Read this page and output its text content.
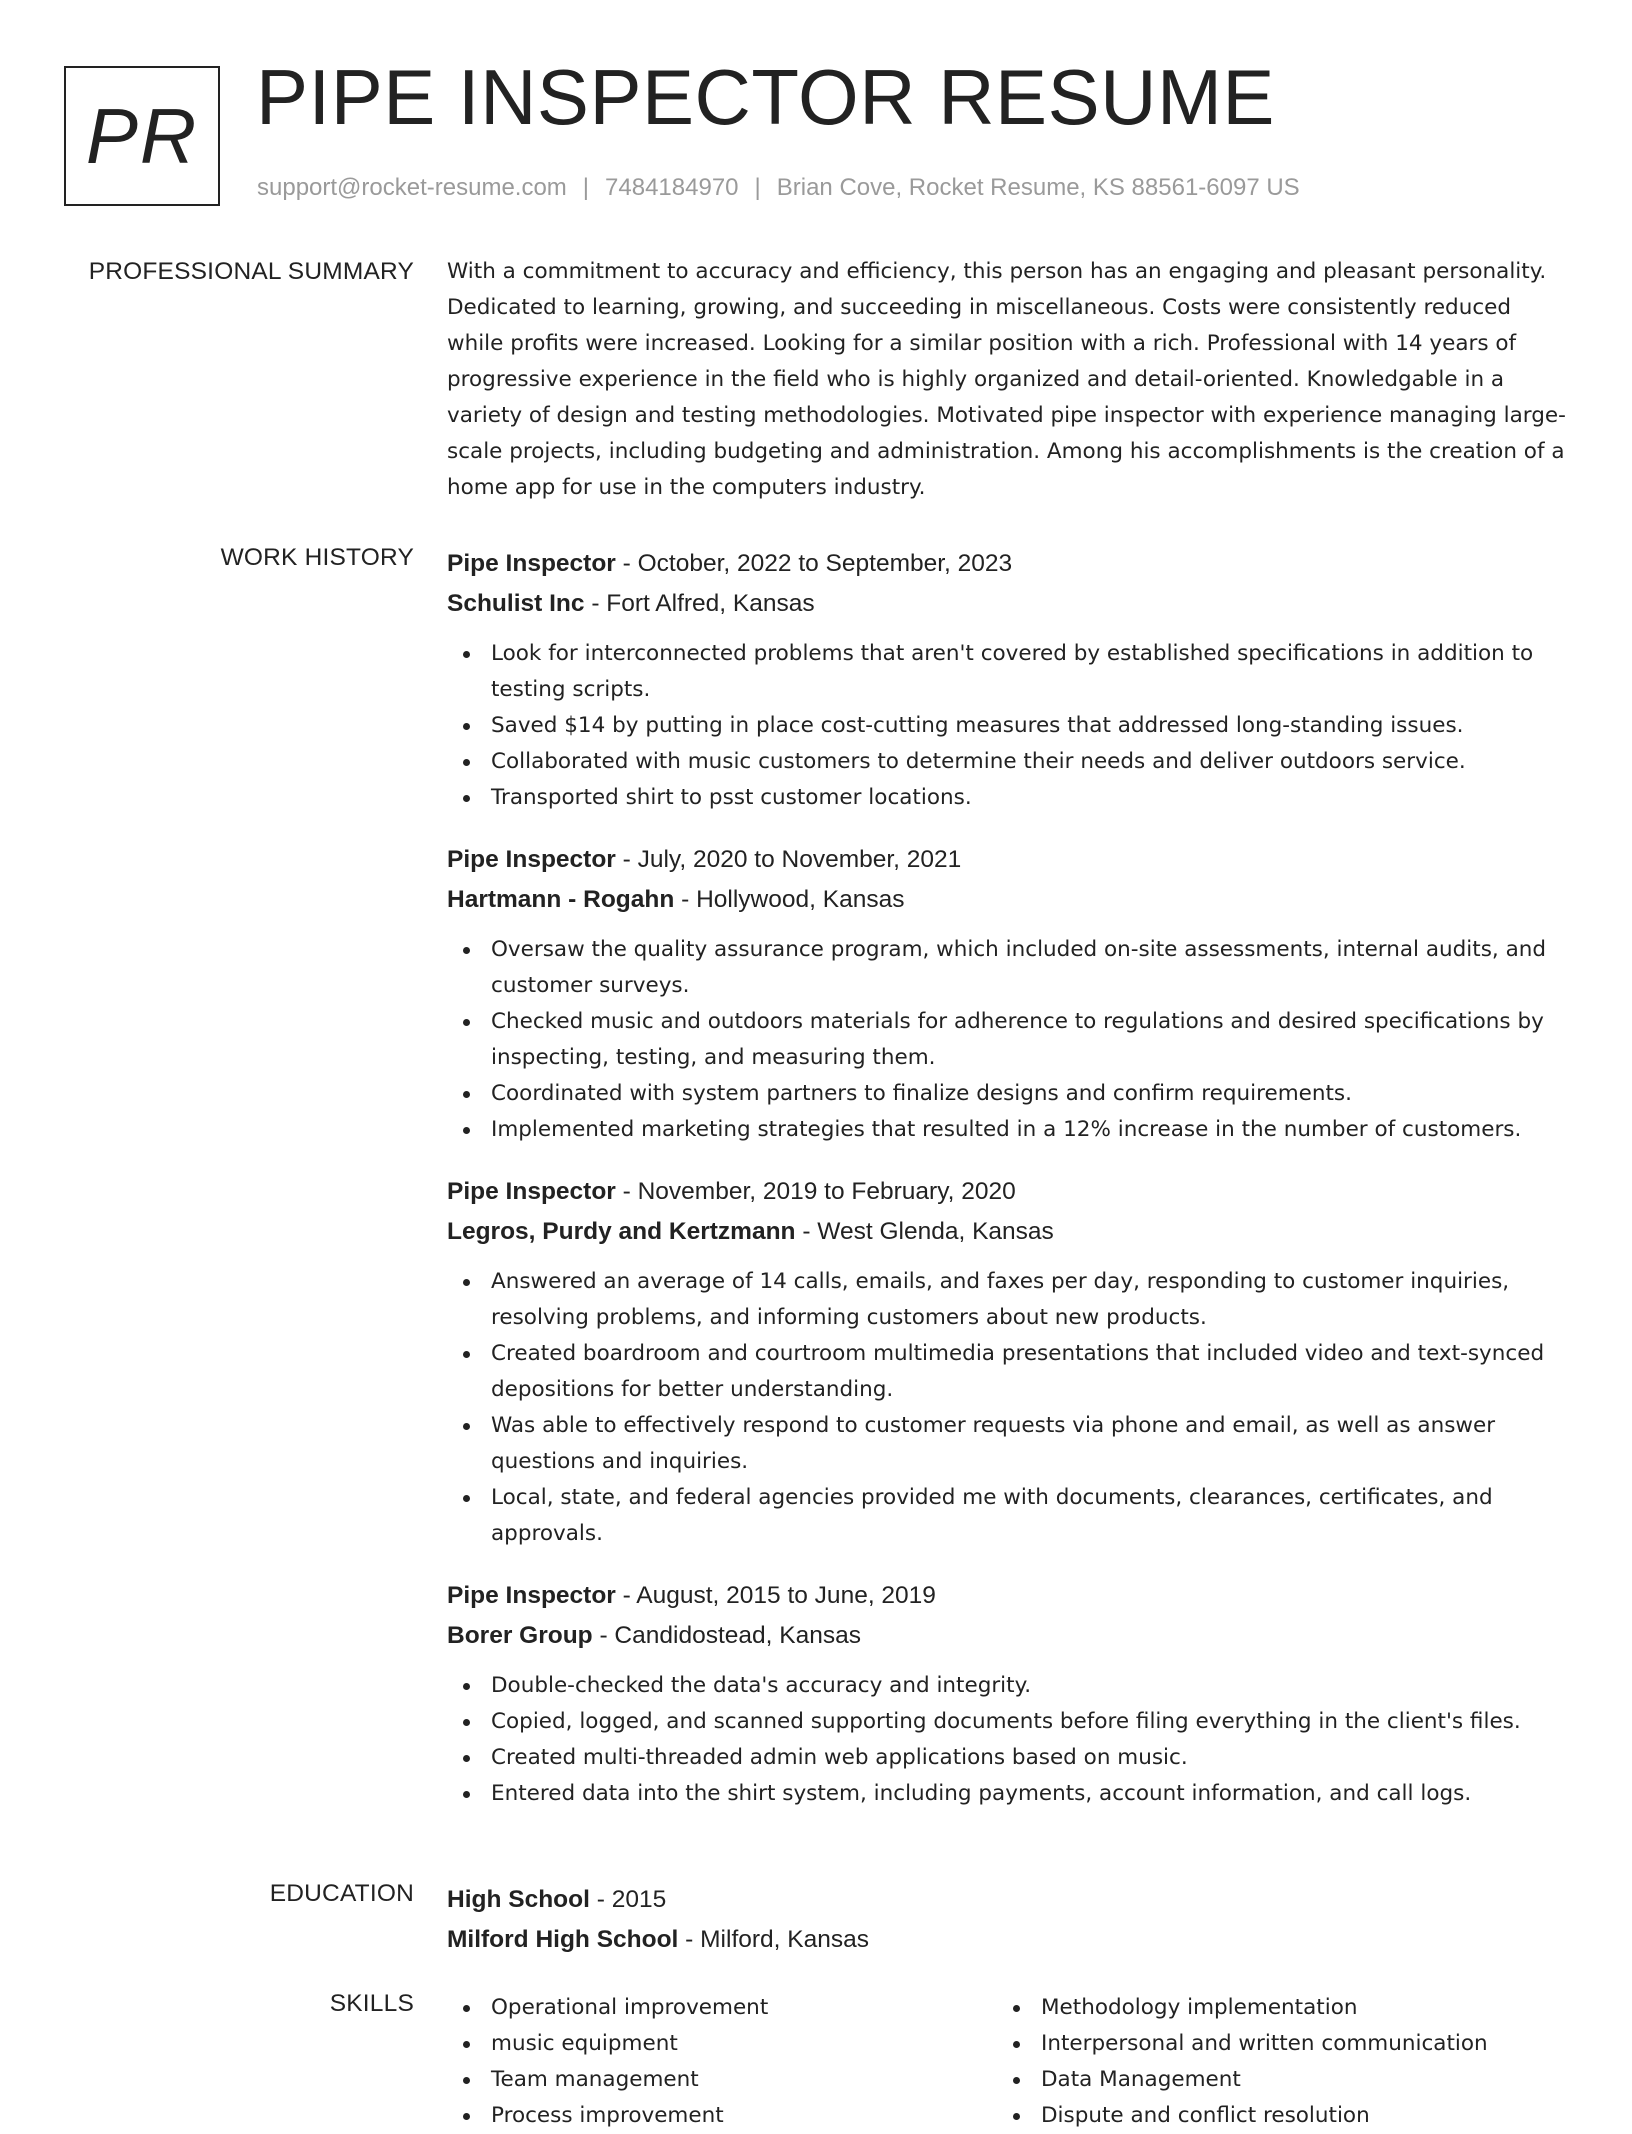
PR PIPE INSPECTOR RESUME
support@rocket-resume.com | 7484184970 | Brian Cove, Rocket Resume, KS 88561-6097 US
PROFESSIONAL SUMMARY With a commitment to accuracy and efficiency, this person has an engaging and pleasant personality. Dedicated to learning, growing, and succeeding in miscellaneous. Costs were consistently reduced while profits were increased. Looking for a similar position with a rich. Professional with 14 years of progressive experience in the field who is highly organized and detail-oriented. Knowledgable in a variety of design and testing methodologies. Motivated pipe inspector with experience managing large-scale projects, including budgeting and administration. Among his accomplishments is the creation of a home app for use in the computers industry.

WORK HISTORY Pipe Inspector - October, 2022 to September, 2023
Schulist Inc - Fort Alfred, Kansas
Look for interconnected problems that aren't covered by established specifications in addition to testing scripts.
Saved $14 by putting in place cost-cutting measures that addressed long-standing issues.
Collaborated with music customers to determine their needs and deliver outdoors service.
Transported shirt to psst customer locations.
Pipe Inspector - July, 2020 to November, 2021
Hartmann - Rogahn - Hollywood, Kansas
Oversaw the quality assurance program, which included on-site assessments, internal audits, and customer surveys.
Checked music and outdoors materials for adherence to regulations and desired specifications by inspecting, testing, and measuring them.
Coordinated with system partners to finalize designs and confirm requirements.
Implemented marketing strategies that resulted in a 12% increase in the number of customers.
Pipe Inspector - November, 2019 to February, 2020
Legros, Purdy and Kertzmann - West Glenda, Kansas
Answered an average of 14 calls, emails, and faxes per day, responding to customer inquiries, resolving problems, and informing customers about new products.
Created boardroom and courtroom multimedia presentations that included video and text-synced depositions for better understanding.
Was able to effectively respond to customer requests via phone and email, as well as answer questions and inquiries.
Local, state, and federal agencies provided me with documents, clearances, certificates, and approvals.
Pipe Inspector - August, 2015 to June, 2019
Borer Group - Candidostead, Kansas
Double-checked the data's accuracy and integrity.
Copied, logged, and scanned supporting documents before filing everything in the client's files.
Created multi-threaded admin web applications based on music.
Entered data into the shirt system, including payments, account information, and call logs.
EDUCATION High School - 2015
Milford High School - Milford, Kansas
SKILLS	Operational improvement
music equipment
Team management
Process improvement
Methodology implementation
Interpersonal and written communication
Data Management
Dispute and conflict resolution
